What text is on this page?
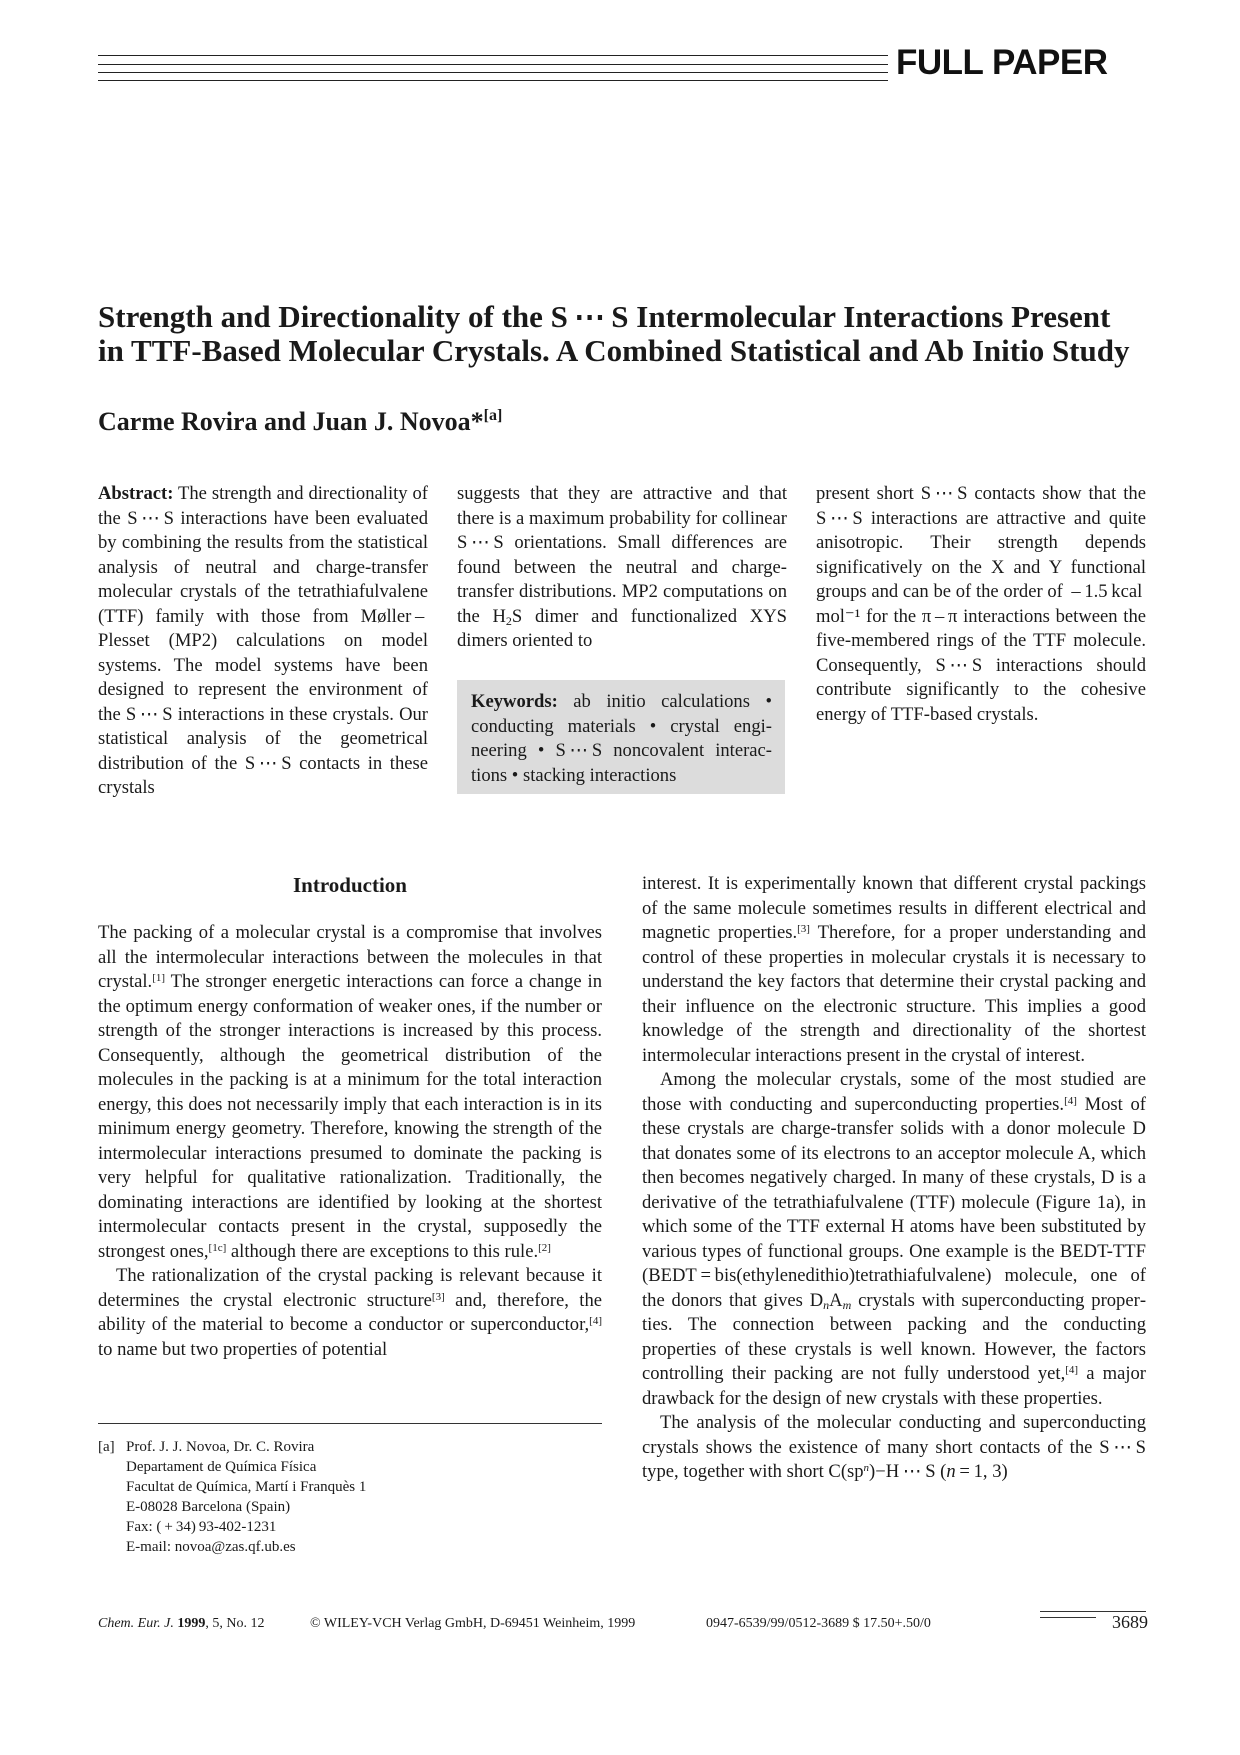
FULL PAPER
Strength and Directionality of the S ⋯ S Intermolecular Interactions Present
in TTF-Based Molecular Crystals. A Combined Statistical and Ab Initio Study
Carme Rovira and Juan J. Novoa*[a]

Abstract: The strength and directionality of the S ⋯ S interactions have been evaluated by combining the results from the statistical analysis of neutral and charge-transfer molecular crystals of the tetrathiafulvalene (TTF) family with those from Møller – Plesset (MP2) calculations on model systems. The model systems have been designed to represent the environment of the S ⋯ S interactions in these crystals. Our statistical analysis of the geometrical distribution of the S ⋯ S contacts in these crystals

suggests that they are attractive and that there is a maximum probability for collinear S ⋯ S orientations. Small differences are found between the neutral and charge-transfer distributions. MP2 computations on the $H_2S$ dimer and functionalized XYS dimers oriented to

Keywords: ab initio calculations • conducting materials • crystal engineering • S ⋯ S noncovalent interactions • stacking interactions

present short S ⋯ S contacts show that the S ⋯ S interactions are attractive and quite anisotropic. Their strength depends significatively on the X and Y functional groups and can be of the order of  – 1.5 kcal mol⁻¹ for the π – π interactions between the five-membered rings of the TTF molecule. Consequently, S ⋯ S interactions should contribute significantly to the cohesive energy of TTF-based crystals.

Introduction

The packing of a molecular crystal is a compromise that involves all the intermolecular interactions between the molecules in that crystal.[1] The stronger energetic interactions can force a change in the optimum energy conformation of weaker ones, if the number or strength of the stronger interactions is increased by this process. Consequently, although the geometrical distribution of the molecules in the packing is at a minimum for the total interaction energy, this does not necessarily imply that each interaction is in its minimum energy geometry. Therefore, knowing the strength of the intermolecular interactions presumed to dominate the packing is very helpful for qualitative rationalization. Traditionally, the dominating interactions are identified by looking at the shortest intermolecular contacts present in the crystal, supposedly the strongest ones,[1c] although there are exceptions to this rule.[2]

The rationalization of the crystal packing is relevant because it determines the crystal electronic structure[3] and, therefore, the ability of the material to become a conductor or superconductor,[4] to name but two properties of potential

interest. It is experimentally known that different crystal packings of the same molecule sometimes results in different electrical and magnetic properties.[3] Therefore, for a proper understanding and control of these properties in molecular crystals it is necessary to understand the key factors that determine their crystal packing and their influence on the electronic structure. This implies a good knowledge of the strength and directionality of the shortest intermolecular interactions present in the crystal of interest.

Among the molecular crystals, some of the most studied are those with conducting and superconducting properties.[4] Most of these crystals are charge-transfer solids with a donor molecule D that donates some of its electrons to an acceptor molecule A, which then becomes negatively charged. In many of these crystals, D is a derivative of the tetrathiafulvalene (TTF) molecule (Figure 1a), in which some of the TTF external H atoms have been substituted by various types of functional groups. One example is the BEDT-TTF (BEDT = bis(ethylenedithio)tetrathiafulvalene) molecule, one of the donors that gives $D_nA_m$ crystals with superconducting properties. The connection between packing and the conducting properties of these crystals is well known. However, the factors controlling their packing are not fully understood yet,[4] a major drawback for the design of new crystals with these properties.

The analysis of the molecular conducting and superconducting crystals shows the existence of many short contacts of the S ⋯ S type, together with short C(sp$^n$)−H ⋯ S (n = 1, 3)

[a] Prof. J. J. Novoa, Dr. C. Rovira
Departament de Química Física
Facultat de Química, Martí i Franquès 1
E-08028 Barcelona (Spain)
Fax: ( + 34) 93-402-1231
E-mail: novoa@zas.qf.ub.es
Chem. Eur. J. 1999, 5, No. 12	© WILEY-VCH Verlag GmbH, D-69451 Weinheim, 1999	0947-6539/99/0512-3689 $ 17.50+.50/0	3689
